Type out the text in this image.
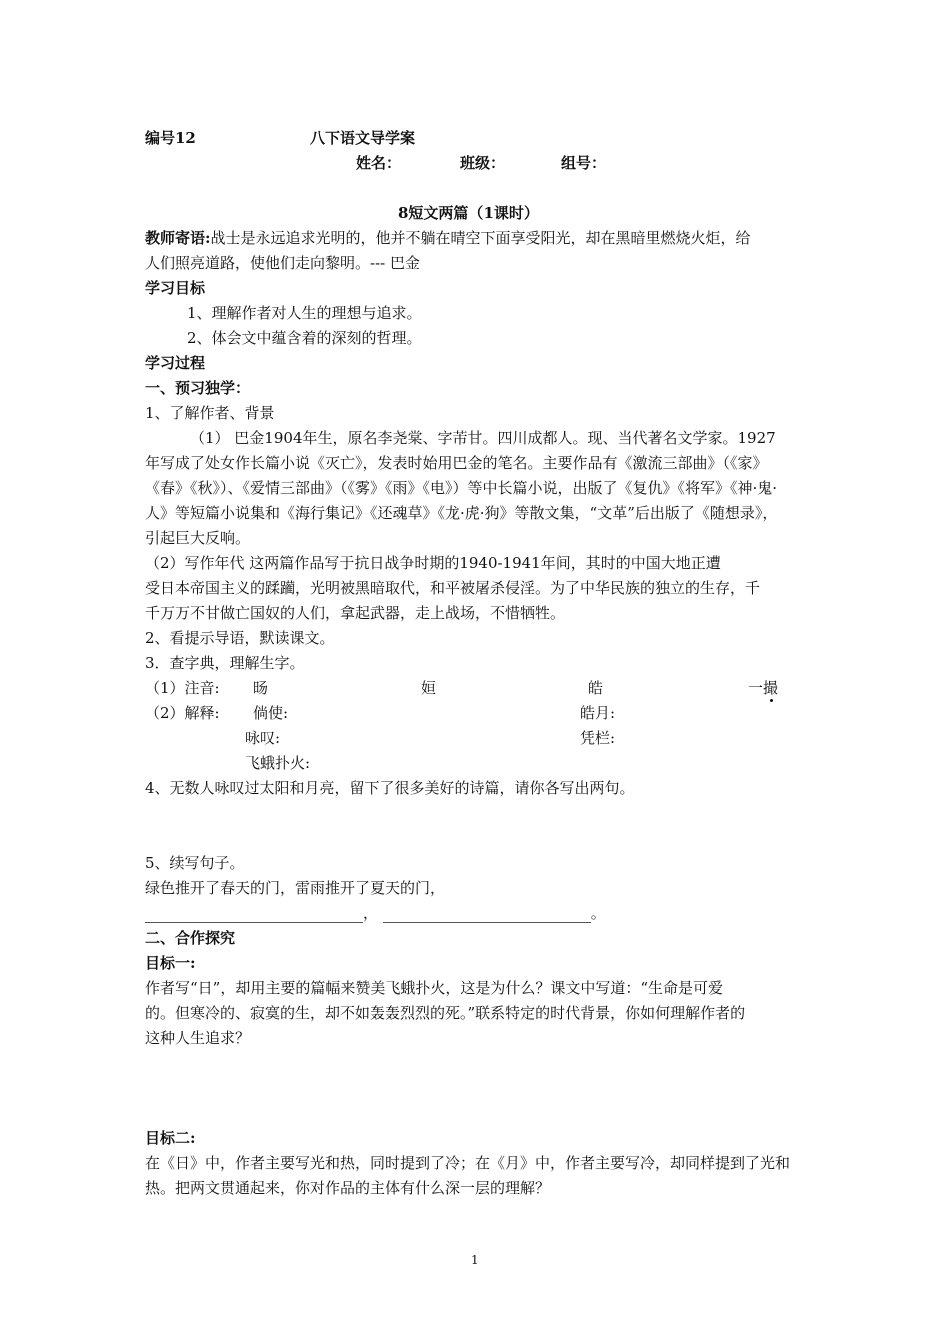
编号12	八下语文导学案
姓名：	班级：	组号：
8短文两篇（1课时）
教师寄语:战士是永远追求光明的，他并不躺在晴空下面享受阳光，却在黑暗里燃烧火炬，给
人们照亮道路，使他们走向黎明。--- 巴金
学习目标
1、理解作者对人生的理想与追求。
2、体会文中蕴含着的深刻的哲理。
学习过程
一、预习独学：
1、了解作者、背景
（1） 巴金1904年生，原名李尧棠、字芾甘。四川成都人。现、当代著名文学家。1927
年写成了处女作长篇小说《灭亡》，发表时始用巴金的笔名。主要作品有《激流三部曲》（《家》
《春》《秋》）、《爱情三部曲》（《雾》《雨》《电》）等中长篇小说，出版了《复仇》《将军》《神·鬼·
人》等短篇小说集和《海行集记》《还魂草》《龙·虎·狗》等散文集，“文革”后出版了《随想录》，
引起巨大反响。
（2）写作年代 这两篇作品写于抗日战争时期的1940-1941年间，其时的中国大地正遭
受日本帝国主义的蹂躏，光明被黑暗取代，和平被屠杀侵淫。为了中华民族的独立的生存，千
千万万不甘做亡国奴的人们，拿起武器，走上战场，不惜牺牲。
2、看提示导语，默读课文。
3．查字典，理解生字。
（1）注音: 旸	姮	皓	一撮
（2）解释: 倘使:	皓月:
咏叹:	凭栏:
飞蛾扑火:
4、无数人咏叹过太阳和月亮，留下了很多美好的诗篇，请你各写出两句。
5、续写句子。
绿色推开了春天的门，雷雨推开了夏天的门，
，	。
二、合作探究
目标一:
作者写“日”，却用主要的篇幅来赞美飞蛾扑火，这是为什么？课文中写道：“生命是可爱
的。但寒冷的、寂寞的生，却不如轰轰烈烈的死。”联系特定的时代背景，你如何理解作者的
这种人生追求？
目标二:
在《日》中，作者主要写光和热，同时提到了冷；在《月》中，作者主要写冷，却同样提到了光和
热。把两文贯通起来，你对作品的主体有什么深一层的理解？
1
